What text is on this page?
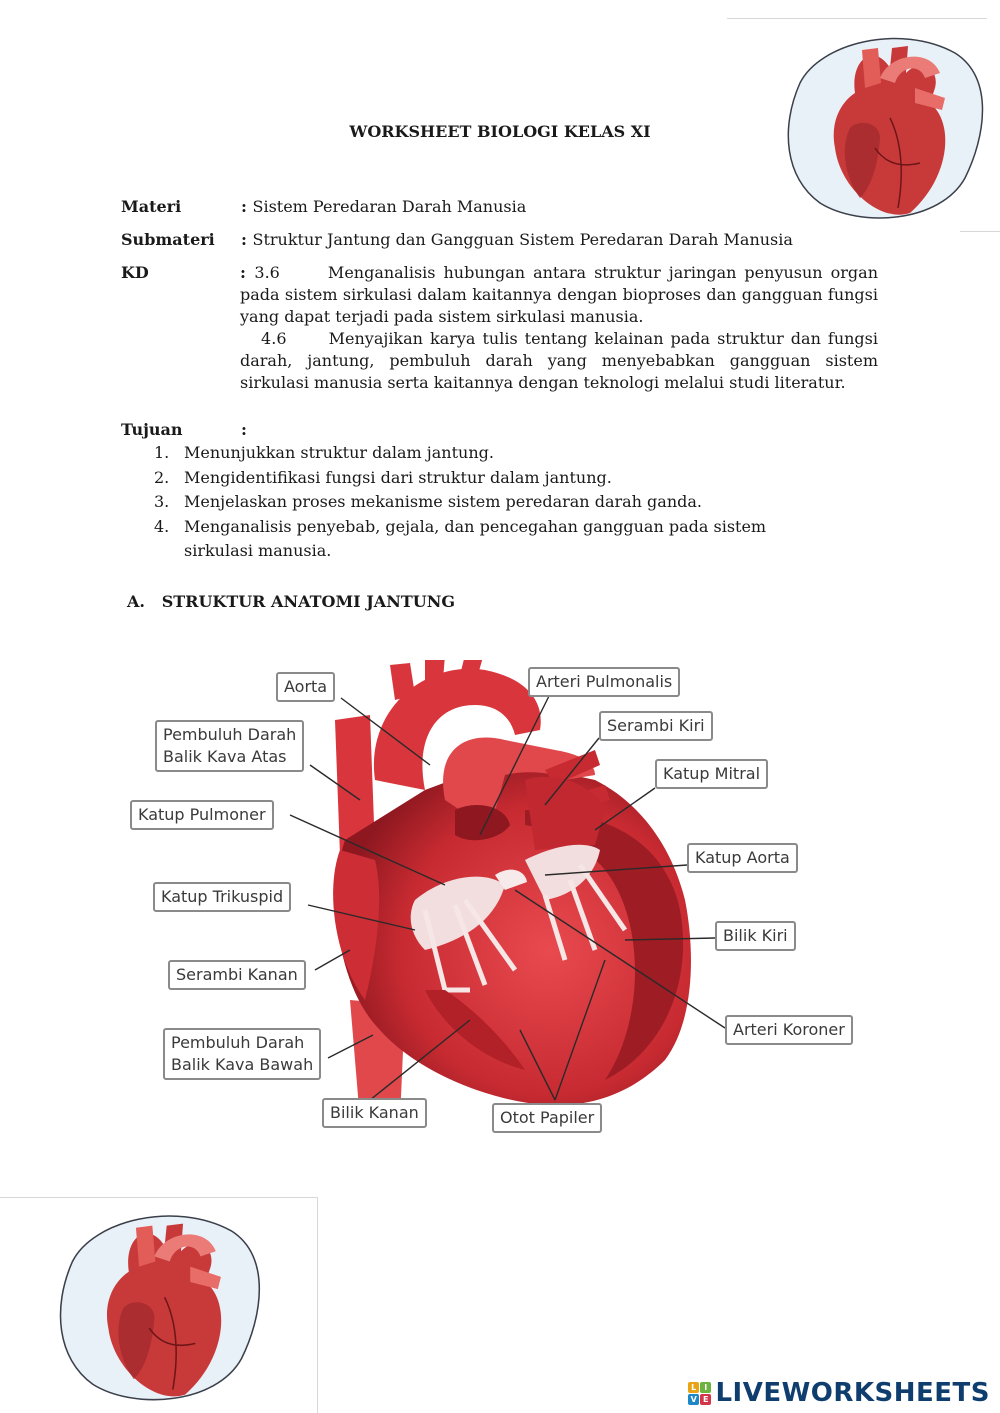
WORKSHEET BIOLOGI KELAS XI
Materi	: Sistem Peredaran Darah Manusia
Submateri : Struktur Jantung dan Gangguan Sistem Peredaran Darah Manusia
KD	: 3.6      Menganalisis hubungan antara struktur jaringan penyusun organ pada sistem sirkulasi dalam kaitannya dengan bioproses dan gangguan fungsi yang dapat terjadi pada sistem sirkulasi manusia.

4.6      Menyajikan karya tulis tentang kelainan pada struktur dan fungsi darah, jantung, pembuluh darah yang menyebabkan gangguan sistem sirkulasi manusia serta kaitannya dengan teknologi melalui studi literatur.

Tujuan	:
1. Menunjukkan struktur dalam jantung.
2. Mengidentifikasi fungsi dari struktur dalam jantung.
3. Menjelaskan proses mekanisme sistem peredaran darah ganda.
4. Menganalisis penyebab, gejala, dan pencegahan gangguan pada sistem sirkulasi manusia.
A.   STRUKTUR ANATOMI JANTUNG
Aorta
Pembuluh Darah
Balik Kava Atas
Katup Pulmoner
Katup Trikuspid
Serambi Kanan
Pembuluh Darah
Balik Kava Bawah
Bilik Kanan	Otot Papiler
Arteri Pulmonalis
Serambi Kiri
Katup Mitral
Katup Aorta
Bilik Kiri
Arteri Koroner
L I
V E LIVEWORKSHEETS
